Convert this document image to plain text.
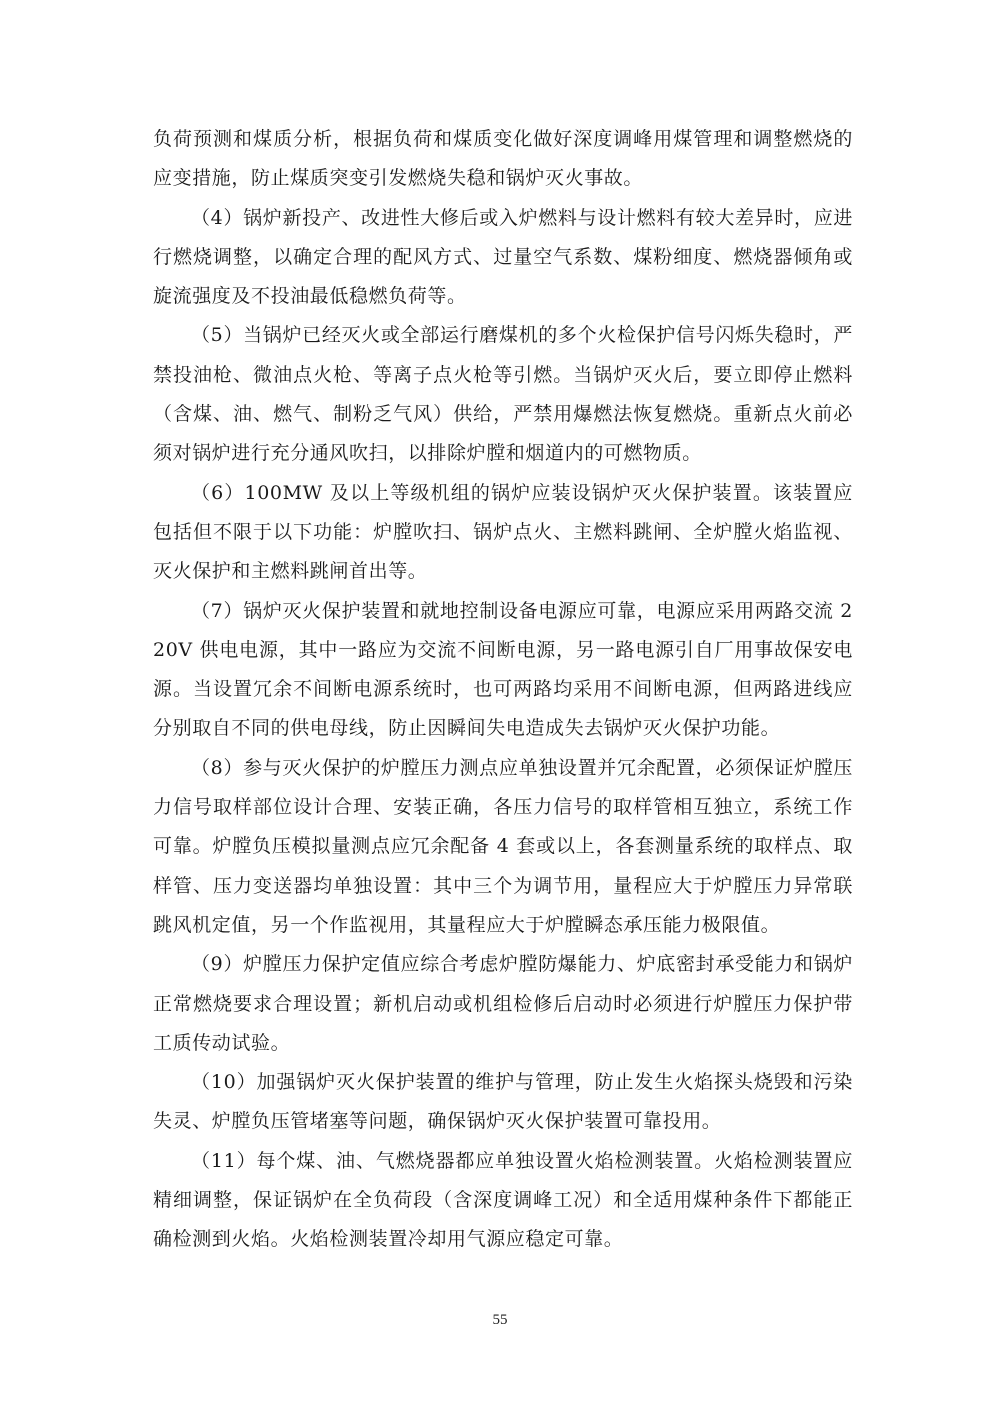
负荷预测和煤质分析，根据负荷和煤质变化做好深度调峰用煤管理和调整燃烧的应变措施，防止煤质突变引发燃烧失稳和锅炉灭火事故。

（4）锅炉新投产、改进性大修后或入炉燃料与设计燃料有较大差异时，应进行燃烧调整，以确定合理的配风方式、过量空气系数、煤粉细度、燃烧器倾角或旋流强度及不投油最低稳燃负荷等。

（5）当锅炉已经灭火或全部运行磨煤机的多个火检保护信号闪烁失稳时，严禁投油枪、微油点火枪、等离子点火枪等引燃。当锅炉灭火后，要立即停止燃料（含煤、油、燃气、制粉乏气风）供给，严禁用爆燃法恢复燃烧。重新点火前必须对锅炉进行充分通风吹扫，以排除炉膛和烟道内的可燃物质。

（6）100MW 及以上等级机组的锅炉应装设锅炉灭火保护装置。该装置应包括但不限于以下功能：炉膛吹扫、锅炉点火、主燃料跳闸、全炉膛火焰监视、灭火保护和主燃料跳闸首出等。

（7）锅炉灭火保护装置和就地控制设备电源应可靠，电源应采用两路交流 220V 供电电源，其中一路应为交流不间断电源，另一路电源引自厂用事故保安电源。当设置冗余不间断电源系统时，也可两路均采用不间断电源，但两路进线应分别取自不同的供电母线，防止因瞬间失电造成失去锅炉灭火保护功能。

（8）参与灭火保护的炉膛压力测点应单独设置并冗余配置，必须保证炉膛压力信号取样部位设计合理、安装正确，各压力信号的取样管相互独立，系统工作可靠。炉膛负压模拟量测点应冗余配备 4 套或以上，各套测量系统的取样点、取样管、压力变送器均单独设置：其中三个为调节用，量程应大于炉膛压力异常联跳风机定值，另一个作监视用，其量程应大于炉膛瞬态承压能力极限值。

（9）炉膛压力保护定值应综合考虑炉膛防爆能力、炉底密封承受能力和锅炉正常燃烧要求合理设置；新机启动或机组检修后启动时必须进行炉膛压力保护带工质传动试验。

（10）加强锅炉灭火保护装置的维护与管理，防止发生火焰探头烧毁和污染失灵、炉膛负压管堵塞等问题，确保锅炉灭火保护装置可靠投用。

（11）每个煤、油、气燃烧器都应单独设置火焰检测装置。火焰检测装置应精细调整，保证锅炉在全负荷段（含深度调峰工况）和全适用煤种条件下都能正确检测到火焰。火焰检测装置冷却用气源应稳定可靠。

55
